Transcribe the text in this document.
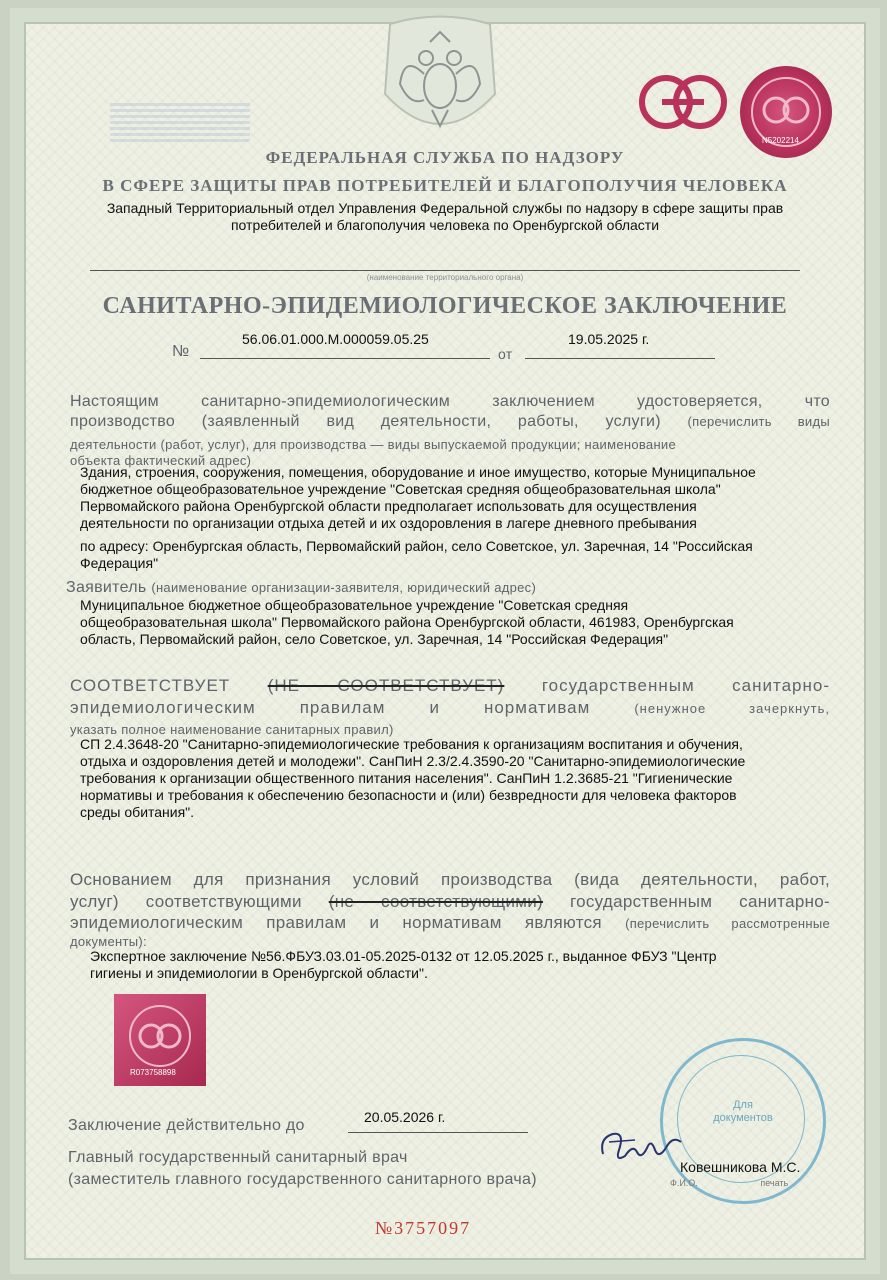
N5202214
ФЕДЕРАЛЬНАЯ СЛУЖБА ПО НАДЗОРУ
В СФЕРЕ ЗАЩИТЫ ПРАВ ПОТРЕБИТЕЛЕЙ И БЛАГОПОЛУЧИЯ ЧЕЛОВЕКА
Западный Территориальный отдел Управления Федеральной службы по надзору в сфере защиты прав
потребителей и благополучия человека по Оренбургской области
(наименование территориального органа)
САНИТАРНО-ЭПИДЕМИОЛОГИЧЕСКОЕ ЗАКЛЮЧЕНИЕ
№
56.06.01.000.М.000059.05.25
от
19.05.2025 г.
Настоящим санитарно-эпидемиологическим заключением удостоверяется, что
производство (заявленный вид деятельности, работы, услуги) (перечислить виды
деятельности (работ, услуг), для производства — виды выпускаемой продукции; наименование
объекта фактический адрес)
Здания, строения, сооружения, помещения, оборудование и иное имущество, которые Муниципальное
бюджетное общеобразовательное учреждение "Советская средняя общеобразовательная школа"
Первомайского района Оренбургской области предполагает использовать для осуществления
деятельности по организации отдыха детей и их оздоровления в лагере дневного пребывания
по адресу: Оренбургская область, Первомайский район, село Советское, ул. Заречная, 14 "Российская
Федерация"
Заявитель (наименование организации-заявителя, юридический адрес)
Муниципальное бюджетное общеобразовательное учреждение "Советская средняя
общеобразовательная школа" Первомайского района Оренбургской области, 461983, Оренбургская
область, Первомайский район, село Советское, ул. Заречная, 14 "Российская Федерация"
СООТВЕТСТВУЕТ (НЕ СООТВЕТСТВУЕТ) государственным санитарно-
эпидемиологическим правилам и нормативам	(ненужное зачеркнуть,
указать полное наименование санитарных правил)
СП 2.4.3648-20 "Санитарно-эпидемиологические требования к организациям воспитания и обучения,
отдыха и оздоровления детей и молодежи". СанПиН 2.3/2.4.3590-20 "Санитарно-эпидемиологические
требования к организации общественного питания населения". СанПиН 1.2.3685-21 "Гигиенические
нормативы и требования к обеспечению безопасности и (или) безвредности для человека факторов
среды обитания".
Основанием для признания условий производства (вида деятельности, работ,
услуг) соответствующими (не соответствующими) государственным санитарно-
эпидемиологическим правилам и нормативам являются (перечислить рассмотренные
документы):
Экспертное заключение №56.ФБУЗ.03.01-05.2025-0132 от 12.05.2025 г., выданное ФБУЗ "Центр
гигиены и эпидемиологии в Оренбургской области".
R073758898
Заключение действительно до	20.05.2026 г.
Главный государственный санитарный врач
(заместитель главного государственного санитарного врача)
Для документов
Ковешникова М.С.
Ф.И.О.	печать
№3757097
